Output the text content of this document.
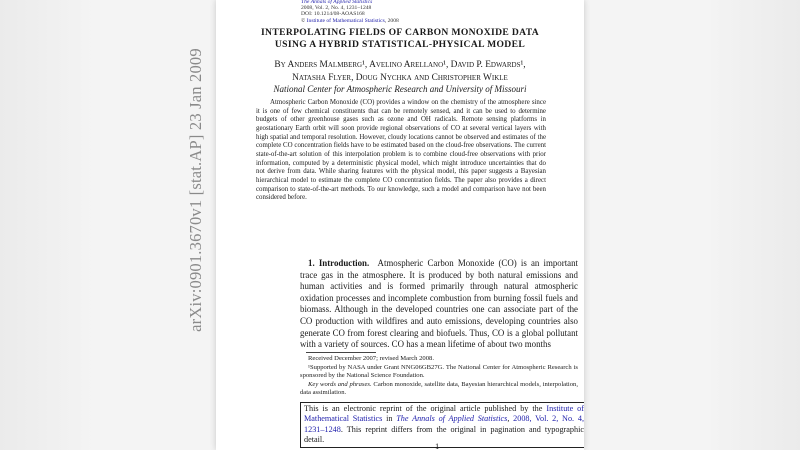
arXiv:0901.3670v1 [stat.AP] 23 Jan 2009
The Annals of Applied Statistics
2008, Vol. 2, No. 4, 1231–1248
DOI: 10.1214/08-AOAS168
© Institute of Mathematical Statistics, 2008
INTERPOLATING FIELDS OF CARBON MONOXIDE DATA
USING A HYBRID STATISTICAL-PHYSICAL MODEL
By Anders Malmberg¹, Avelino Arellano¹, David P. Edwards¹,
Natasha Flyer, Doug Nychka and Christopher Wikle
National Center for Atmospheric Research and University of Missouri

Atmospheric Carbon Monoxide (CO) provides a window on the chemistry of the atmosphere since it is one of few chemical constituents that can be remotely sensed, and it can be used to determine budgets of other greenhouse gases such as ozone and OH radicals. Remote sensing platforms in geostationary Earth orbit will soon provide regional observations of CO at several vertical layers with high spatial and temporal resolution. However, cloudy locations cannot be observed and estimates of the complete CO concentration fields have to be estimated based on the cloud-free observations. The current state-of-the-art solution of this interpolation problem is to combine cloud-free observations with prior information, computed by a deterministic physical model, which might introduce uncertainties that do not derive from data. While sharing features with the physical model, this paper suggests a Bayesian hierarchical model to estimate the complete CO concentration fields. The paper also provides a direct comparison to state-of-the-art methods. To our knowledge, such a model and comparison have not been considered before.

1. Introduction. Atmospheric Carbon Monoxide (CO) is an important trace gas in the atmosphere. It is produced by both natural emissions and human activities and is formed primarily through natural atmospheric oxidation processes and incomplete combustion from burning fossil fuels and biomass. Although in the developed countries one can associate part of the CO production with wildfires and auto emissions, developing countries also generate CO from forest clearing and biofuels. Thus, CO is a global pollutant with a variety of sources. CO has a mean lifetime of about two months

Received December 2007; revised March 2008.

¹Supported by NASA under Grant NNG06GB27G. The National Center for Atmospheric Research is sponsored by the National Science Foundation.

Key words and phrases. Carbon monoxide, satellite data, Bayesian hierarchical models, interpolation, data assimilation.

This is an electronic reprint of the original article published by the Institute of Mathematical Statistics in The Annals of Applied Statistics, 2008, Vol. 2, No. 4, 1231–1248. This reprint differs from the original in pagination and typographic detail.
1
